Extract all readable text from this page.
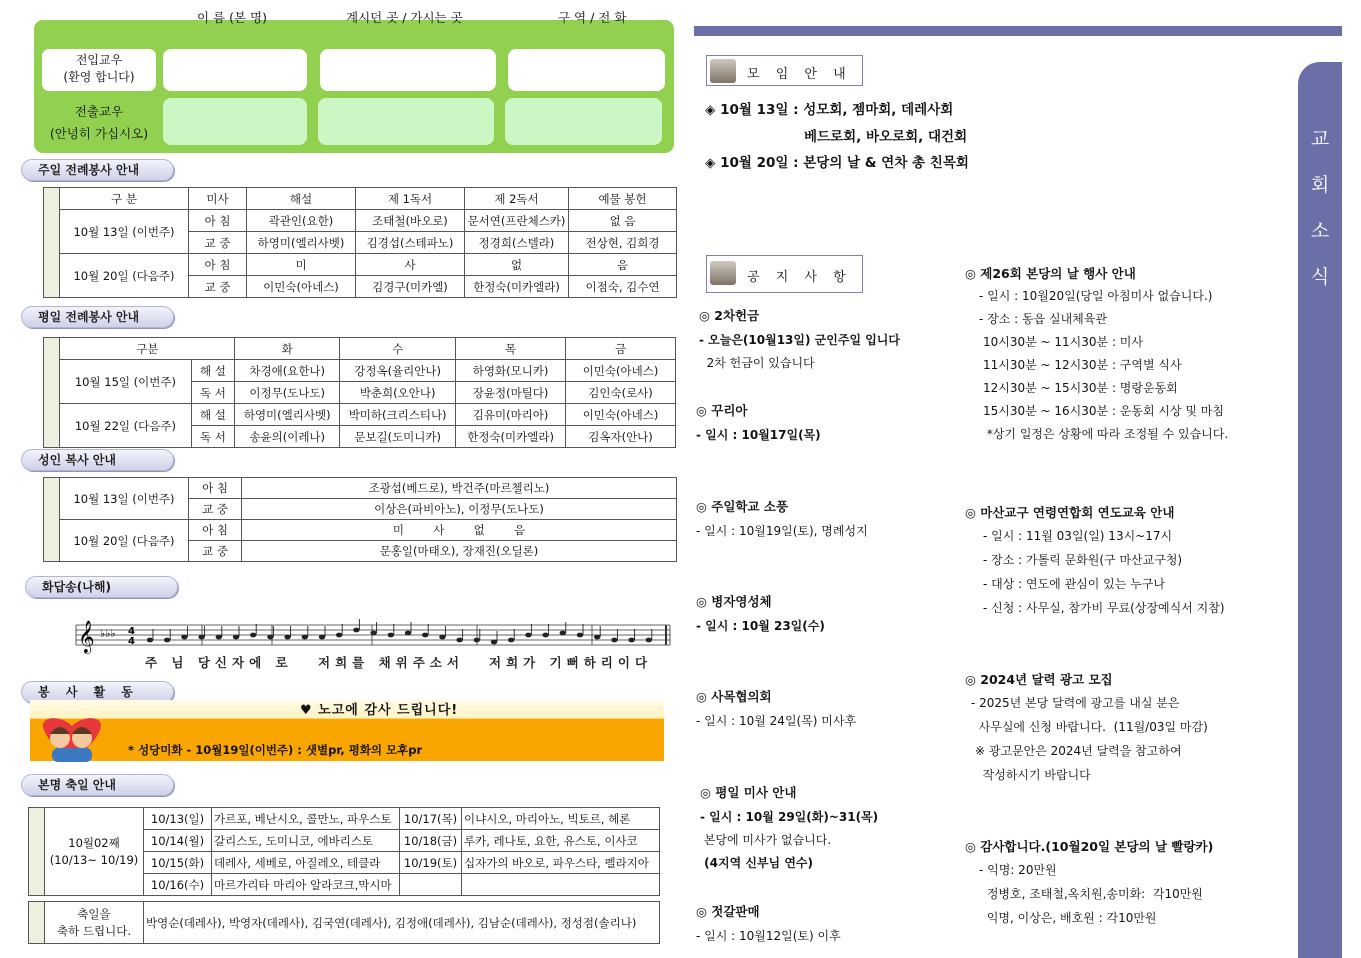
이 름 (본 명)	계시던 곳 / 가시는 곳	구 역 / 전 화
전입교우
(환영 합니다)
전출교우
(안녕히 가십시오)
주일 전례봉사 안내
	구 분	미사	해설	제 1독서	제 2독서	예물 봉헌
	10월 13일 (이번주)	아 침	곽관인(요한)	조태철(바오로)	문서연(프란체스카)	없 음
		교 중	하영미(엘리사벳)	김경섭(스테파노)	정경희(스텔라)	전상현, 김희경
	10월 20일 (다음주)	아 침	미	사	없	음
		교 중	이민숙(아네스)	김경구(미카엘)	한정숙(미카엘라)	이점숙, 김수연
평일 전례봉사 안내
	구분		화	수	목	금
	10월 15일 (이번주)	해 설	차경애(요한나)	강정옥(율리안나)	하영화(모니카)	이민숙(아네스)
		독 서	이정무(도나도)	박춘희(오안나)	장윤정(마틸다)	김인숙(로사)
	10월 22일 (다음주)	해 설	하영미(엘리사벳)	박미하(크리스티나)	김유미(마리아)	이민숙(아네스)
		독 서	송윤의(이레나)	문보길(도미니카)	한정숙(미카엘라)	김옥자(안나)
성인 복사 안내
	10월 13일 (이번주)	아 침	조광섭(베드로), 박건주(마르첼리노)
		교 중	이상은(파비아노), 이정무(도나도)
	10월 20일 (다음주)	아 침	미        사        없        음
		교 중	문홍일(마태오), 장재진(오딜론)
화답송(나해)
𝄞 ♭♭♭ 4
4
주 님 당신자에 로 저희를 채위주소서 저희가 기뻐하리이다
봉 사 활 동
♥ 노고에 감사 드립니다!
* 성당미화 - 10월19일(이번주) : 샛별pr, 평화의 모후pr
본명 축일 안내

	10월02째
(10/13~ 10/19)	10/13(일)	가르포, 베난시오, 콜만노, 파우스토	10/17(목)	이냐시오, 마리아노, 빅토르, 헤론
		10/14(월)	갈리스도, 도미니코, 에바리스토	10/18(금)	루카, 레나토, 요한, 유스토, 이사코
		10/15(화)	데레사, 세베로, 아질레오, 테클라	10/19(토)	십자가의 바오로, 파우스타, 펠라지아
		10/16(수)	마르가리타 마리아 알라코크,막시마		

축일을
축하 드립니다.
	박영순(데레사), 박영자(데레사), 김국연(데레사), 김정애(데레사), 김남순(데레사), 정성점(솔리나)
교
회
소
식
모 임 안 내
◈ 10월 13일 : 성모회, 젬마회, 데레사회
베드로회, 바오로회, 대건회
◈ 10월 20일 : 본당의 날 & 연차 총 친목회
공 지 사 항
◎ 2차헌금
- 오늘은(10월13일) 군인주일 입니다
2차 헌금이 있습니다
◎ 꾸리아
- 일시 : 10월17일(목)
◎ 주일학교 소풍
- 일시 : 10월19일(토), 명례성지
◎ 병자영성체
- 일시 : 10월 23일(수)
◎ 사목협의회
- 일시 : 10월 24일(목) 미사후
◎ 평일 미사 안내
- 일시 : 10월 29일(화)~31(목)
본당에 미사가 없습니다.
(4지역 신부님 연수)
◎ 젓갈판매
- 일시 : 10월12일(토) 이후
◎ 제26회 본당의 날 행사 안내
- 일시 : 10월20일(당일 아침미사 없습니다.)
- 장소 : 동읍 실내체육관
10시30분 ~ 11시30분 : 미사
11시30분 ~ 12시30분 : 구역별 식사
12시30분 ~ 15시30분 : 명랑운동회
15시30분 ~ 16시30분 : 운동회 시상 및 마침
*상기 일정은 상황에 따라 조정될 수 있습니다.
◎ 마산교구 연령연합회 연도교육 안내
- 일시 : 11월 03일(일) 13시~17시
- 장소 : 가톨릭 문화원(구 마산교구청)
- 대상 : 연도에 관심이 있는 누구나
- 신청 : 사무실, 참가비 무료(상장예식서 지참)
◎ 2024년 달력 광고 모집
- 2025년 본당 달력에 광고를 내실 분은
사무실에 신청 바랍니다.  (11월/03일 마감)
※ 광고문안은 2024년 달력을 참고하여
작성하시기 바랍니다
◎ 감사합니다.(10월20일 본당의 날 빨랑카)
- 익명: 20만원
정병호, 조태철,옥치원,송미화:  각10만원
익명, 이상은, 배호원 : 각10만원
